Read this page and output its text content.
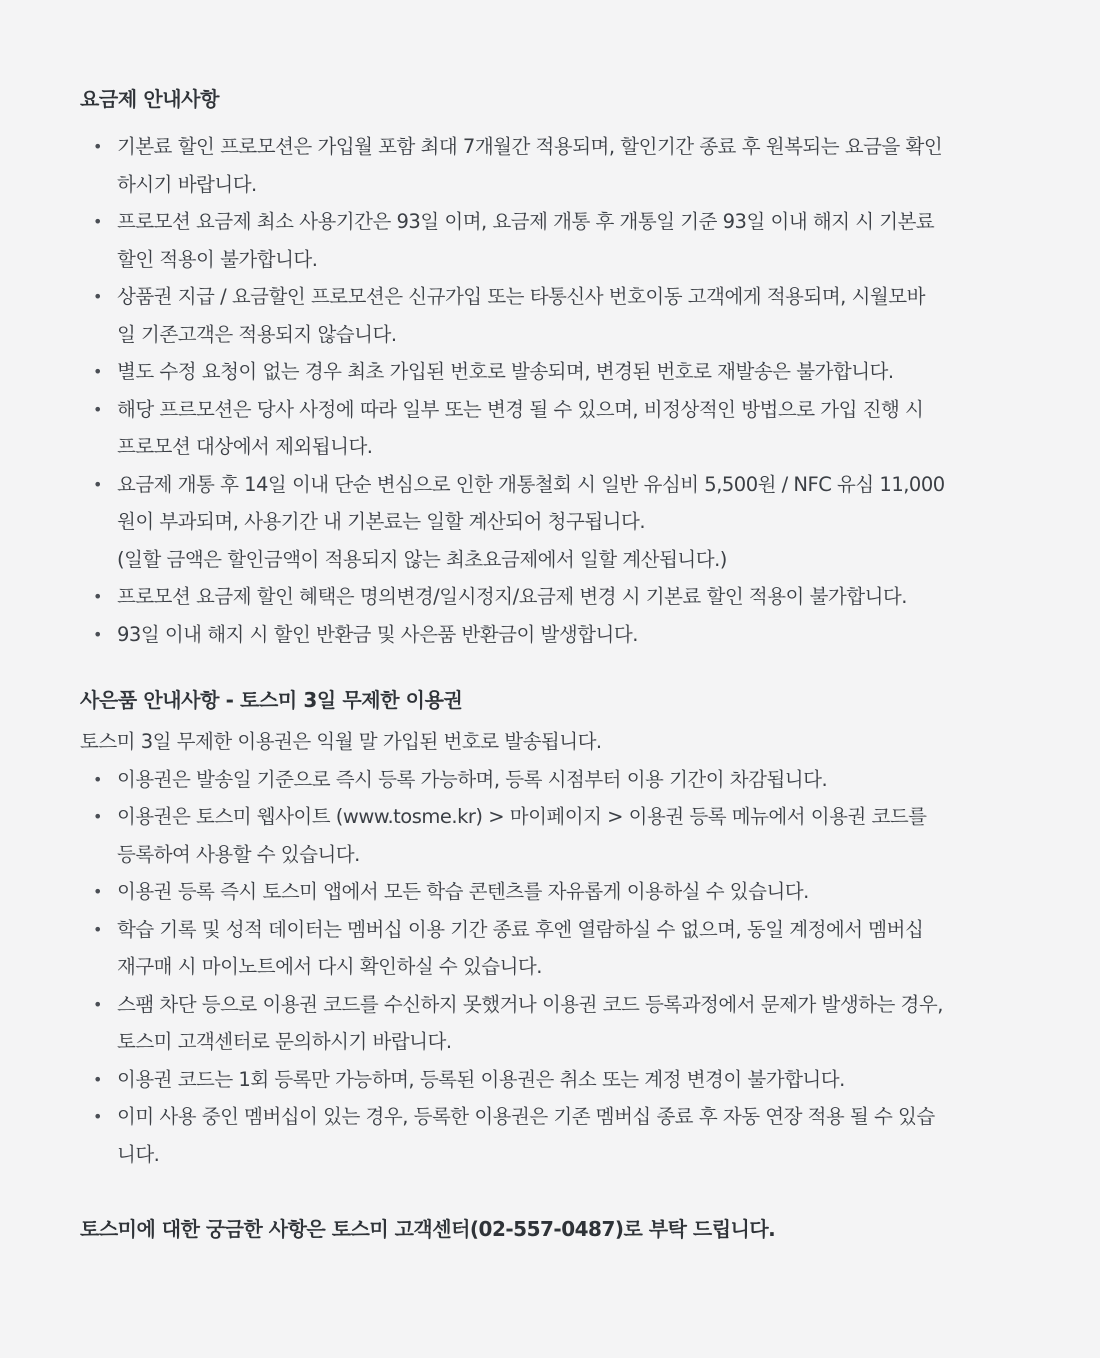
요금제 안내사항
• 기본료 할인 프로모션은 가입월 포함 최대 7개월간 적용되며, 할인기간 종료 후 원복되는 요금을 확인
하시기 바랍니다.
• 프로모션 요금제 최소 사용기간은 93일 이며, 요금제 개통 후 개통일 기준 93일 이내 해지 시 기본료
할인 적용이 불가합니다.
• 상품권 지급 / 요금할인 프로모션은 신규가입 또는 타통신사 번호이동 고객에게 적용되며, 시월모바
일 기존고객은 적용되지 않습니다.
• 별도 수정 요청이 없는 경우 최초 가입된 번호로 발송되며, 변경된 번호로 재발송은 불가합니다.
• 해당 프르모션은 당사 사정에 따라 일부 또는 변경 될 수 있으며, 비정상적인 방법으로 가입 진행 시
프로모션 대상에서 제외됩니다.
• 요금제 개통 후 14일 이내 단순 변심으로 인한 개통철회 시 일반 유심비 5,500원 / NFC 유심 11,000
원이 부과되며, 사용기간 내 기본료는 일할 계산되어 청구됩니다.
(일할 금액은 할인금액이 적용되지 않는 최초요금제에서 일할 계산됩니다.)
• 프로모션 요금제 할인 혜택은 명의변경/일시정지/요금제 변경 시 기본료 할인 적용이 불가합니다.
• 93일 이내 해지 시 할인 반환금 및 사은품 반환금이 발생합니다.
사은품 안내사항 - 토스미 3일 무제한 이용권

토스미 3일 무제한 이용권은 익월 말 가입된 번호로 발송됩니다.

• 이용권은 발송일 기준으로 즉시 등록 가능하며, 등록 시점부터 이용 기간이 차감됩니다.
• 이용권은 토스미 웹사이트 (www.tosme.kr) > 마이페이지 > 이용권 등록 메뉴에서 이용권 코드를
등록하여 사용할 수 있습니다.
• 이용권 등록 즉시 토스미 앱에서 모든 학습 콘텐츠를 자유롭게 이용하실 수 있습니다.
• 학습 기록 및 성적 데이터는 멤버십 이용 기간 종료 후엔 열람하실 수 없으며, 동일 계정에서 멤버십
재구매 시 마이노트에서 다시 확인하실 수 있습니다.
• 스팸 차단 등으로 이용권 코드를 수신하지 못했거나 이용권 코드 등록과정에서 문제가 발생하는 경우,
토스미 고객센터로 문의하시기 바랍니다.
• 이용권 코드는 1회 등록만 가능하며, 등록된 이용권은 취소 또는 계정 변경이 불가합니다.
• 이미 사용 중인 멤버십이 있는 경우, 등록한 이용권은 기존 멤버십 종료 후 자동 연장 적용 될 수 있습
니다.

토스미에 대한 궁금한 사항은 토스미 고객센터(02-557-0487)로 부탁 드립니다.
